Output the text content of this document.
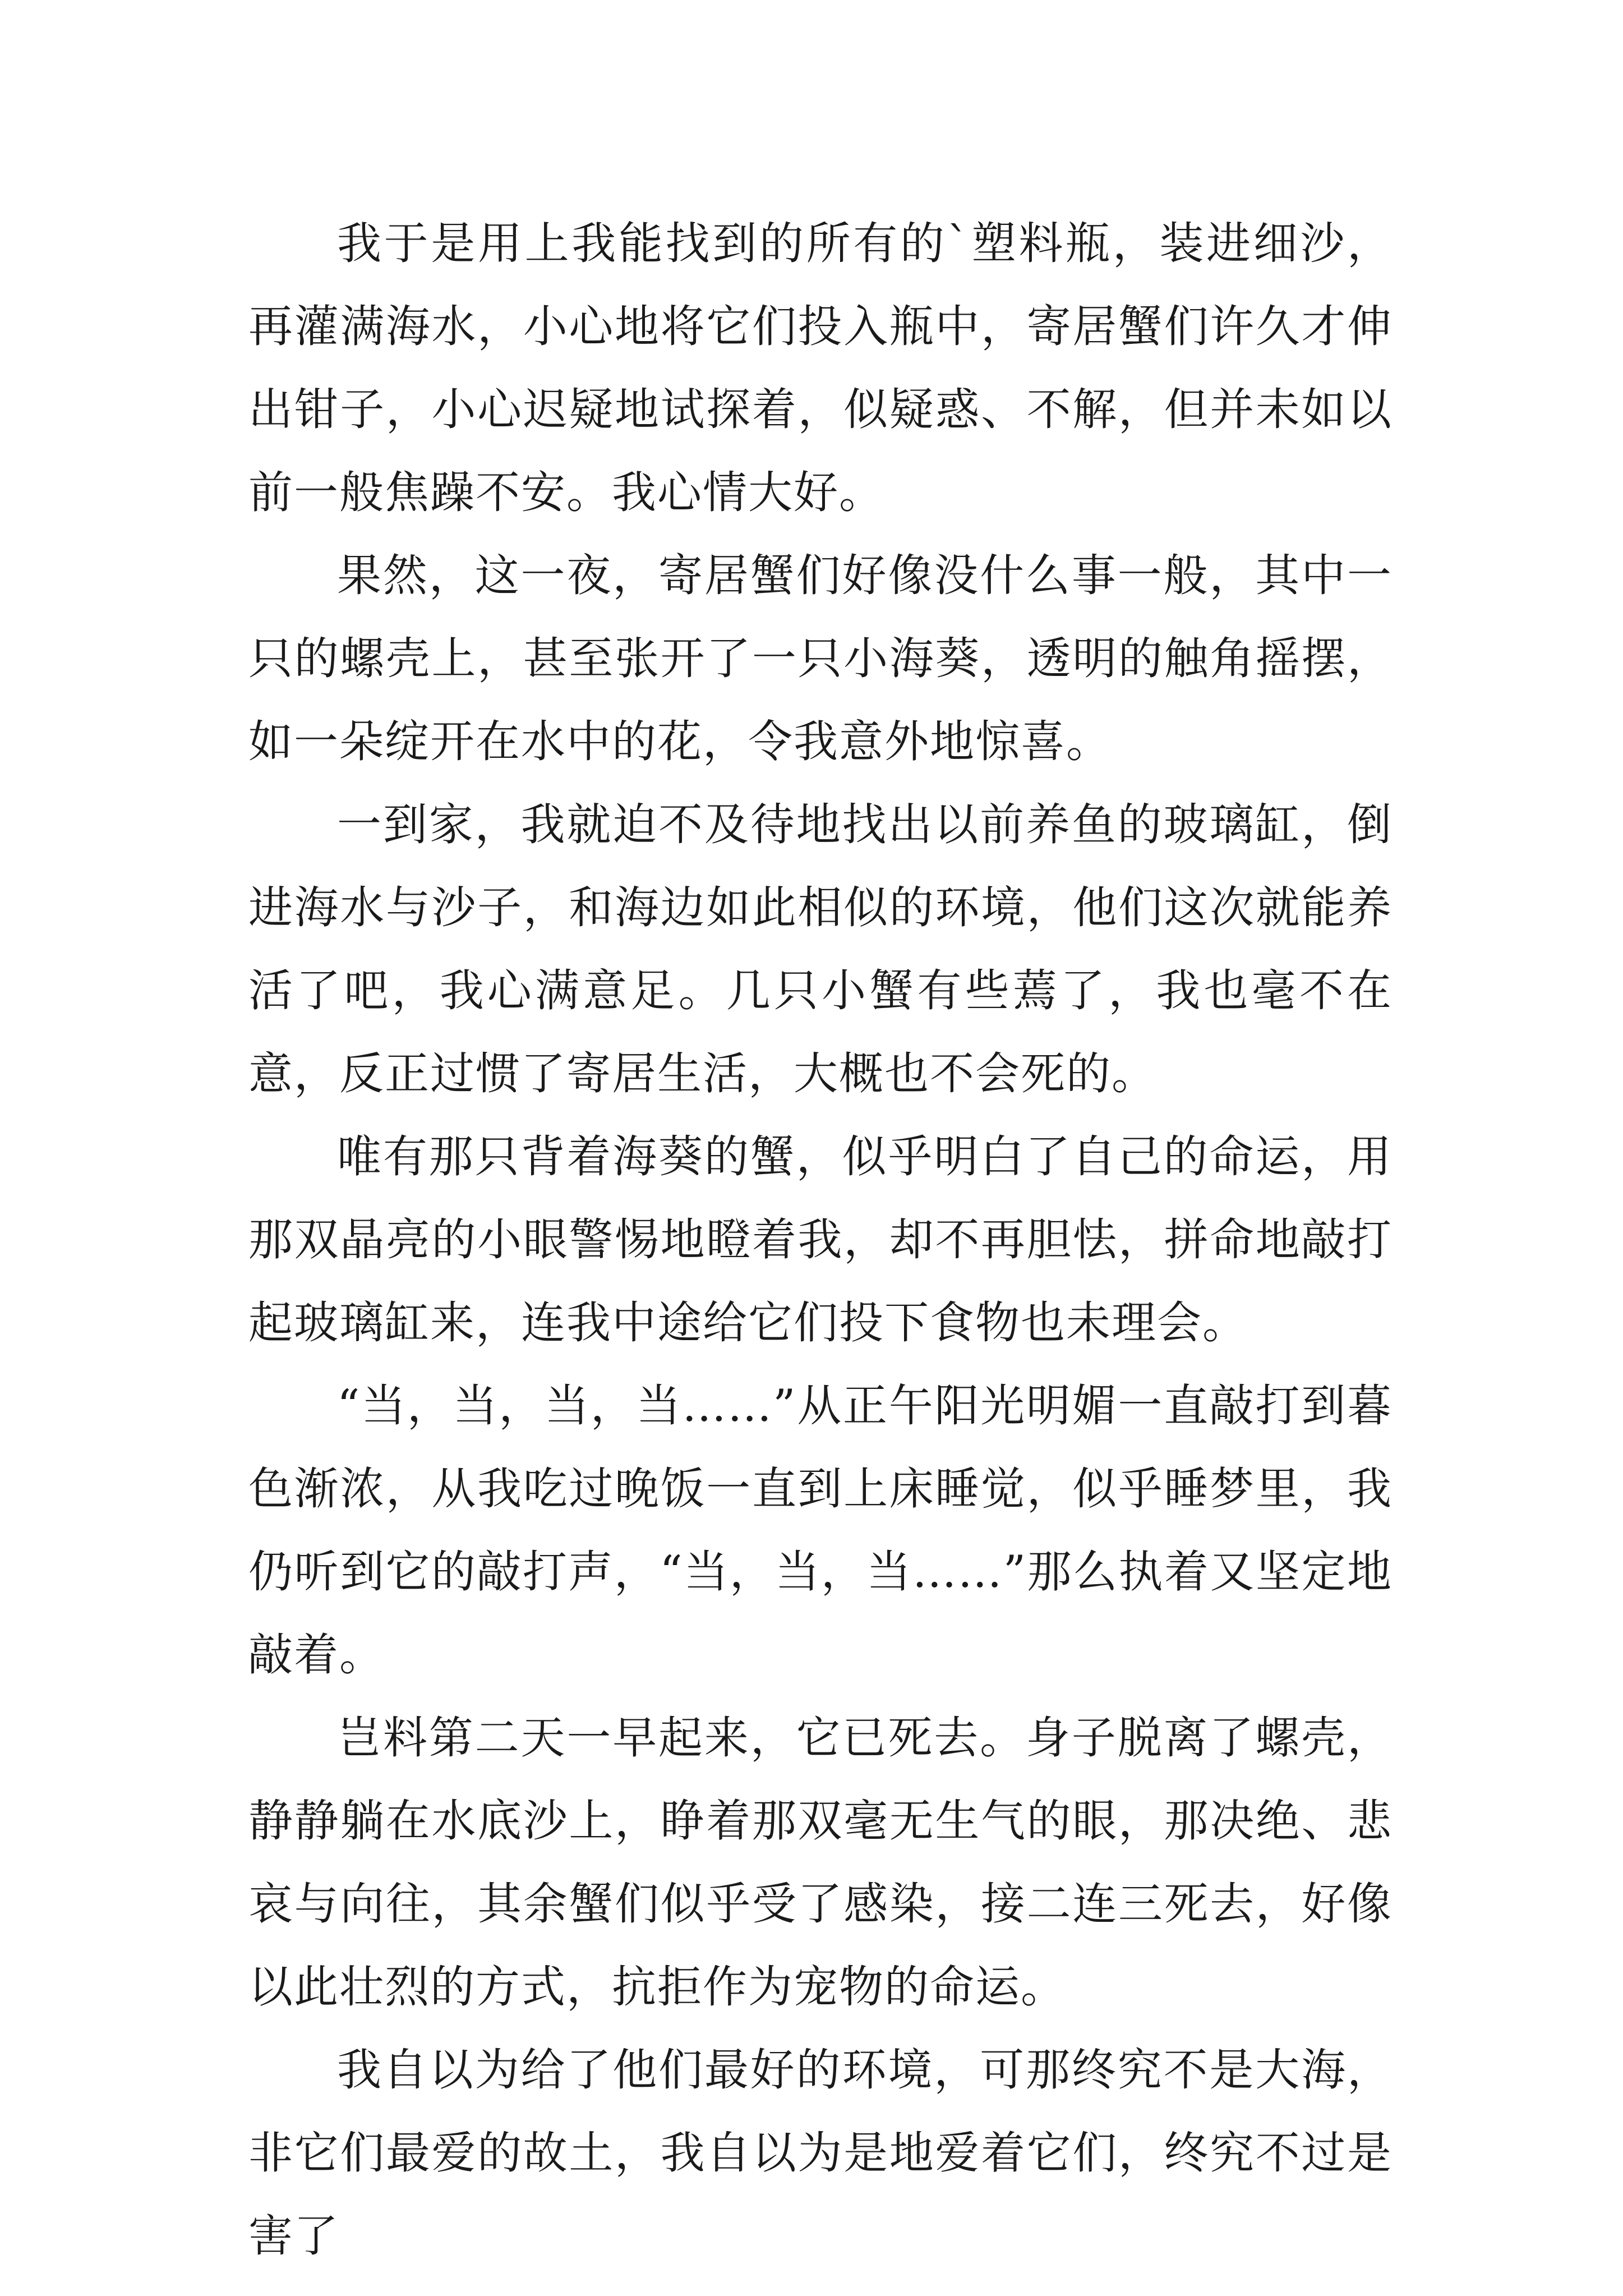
我于是用上我能找到的所有的`塑料瓶，装进细沙，再灌满海水，小心地将它们投入瓶中，寄居蟹们许久才伸出钳子，小心迟疑地试探着，似疑惑、不解，但并未如以前一般焦躁不安。我心情大好。

果然，这一夜，寄居蟹们好像没什么事一般，其中一只的螺壳上，甚至张开了一只小海葵，透明的触角摇摆，如一朵绽开在水中的花，令我意外地惊喜。

一到家，我就迫不及待地找出以前养鱼的玻璃缸，倒进海水与沙子，和海边如此相似的环境，他们这次就能养活了吧，我心满意足。几只小蟹有些蔫了，我也毫不在意，反正过惯了寄居生活，大概也不会死的。

唯有那只背着海葵的蟹，似乎明白了自己的命运，用那双晶亮的小眼警惕地瞪着我，却不再胆怯，拼命地敲打起玻璃缸来，连我中途给它们投下食物也未理会。

“当，当，当，当……”从正午阳光明媚一直敲打到暮色渐浓，从我吃过晚饭一直到上床睡觉，似乎睡梦里，我仍听到它的敲打声，“当，当，当……”那么执着又坚定地敲着。

岂料第二天一早起来，它已死去。身子脱离了螺壳，静静躺在水底沙上，睁着那双毫无生气的眼，那决绝、悲哀与向往，其余蟹们似乎受了感染，接二连三死去，好像以此壮烈的方式，抗拒作为宠物的命运。

我自以为给了他们最好的环境，可那终究不是大海，非它们最爱的故土，我自以为是地爱着它们，终究不过是害了
